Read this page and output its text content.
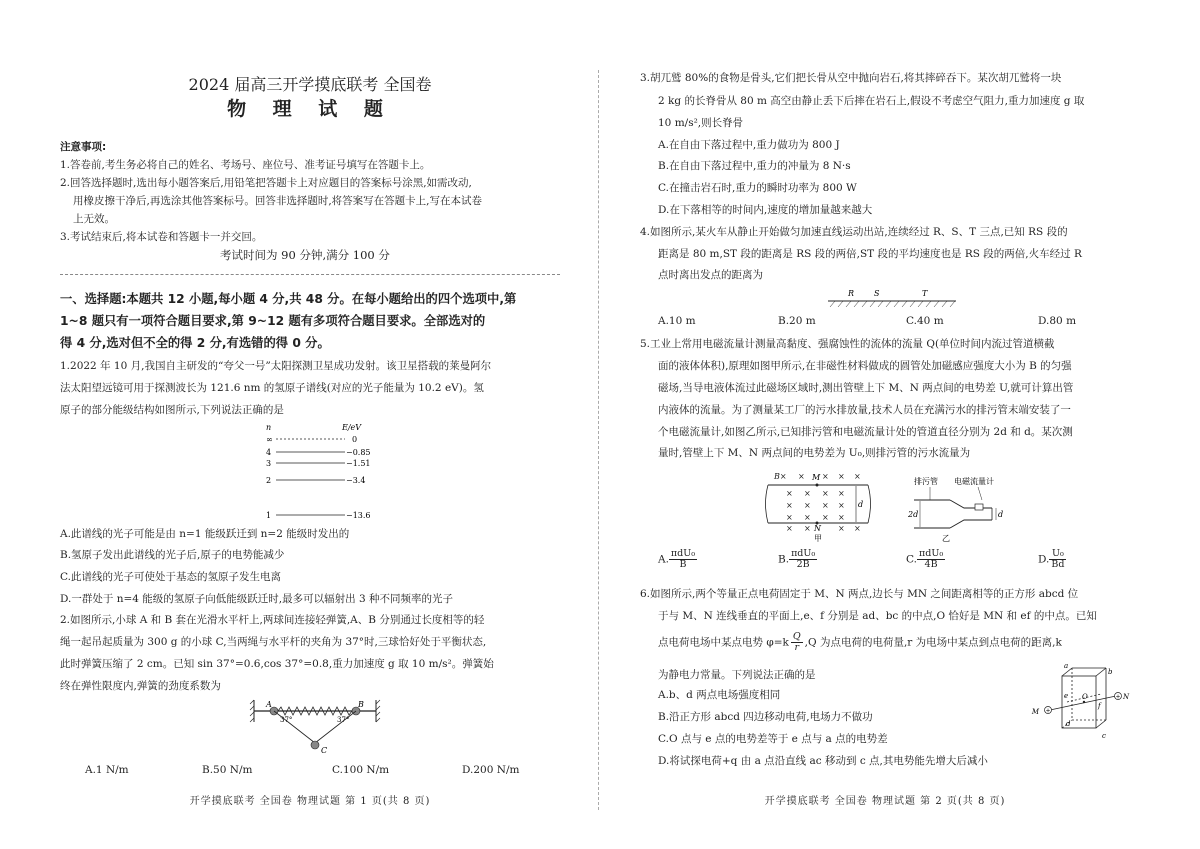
2024 届高三开学摸底联考 全国卷
物 理 试 题
注意事项:
1.答卷前,考生务必将自己的姓名、考场号、座位号、准考证号填写在答题卡上。
2.回答选择题时,选出每小题答案后,用铅笔把答题卡上对应题目的答案标号涂黑,如需改动,
用橡皮擦干净后,再选涂其他答案标号。回答非选择题时,将答案写在答题卡上,写在本试卷
上无效。
3.考试结束后,将本试卷和答题卡一并交回。
考试时间为 90 分钟,满分 100 分
一、选择题:本题共 12 小题,每小题 4 分,共 48 分。在每小题给出的四个选项中,第
1~8 题只有一项符合题目要求,第 9~12 题有多项符合题目要求。全部选对的
得 4 分,选对但不全的得 2 分,有选错的得 0 分。
1.2022 年 10 月,我国自主研发的“夸父一号”太阳探测卫星成功发射。该卫星搭载的莱曼阿尔
法太阳望远镜可用于探测波长为 121.6 nm 的氢原子谱线(对应的光子能量为 10.2 eV)。氢
原子的部分能级结构如图所示,下列说法正确的是
n	E/eV
∞	0
4	−0.85
3	−1.51
2	−3.4
1	−13.6
A.此谱线的光子可能是由 n=1 能级跃迁到 n=2 能级时发出的
B.氢原子发出此谱线的光子后,原子的电势能减少
C.此谱线的光子可使处于基态的氢原子发生电离
D.一群处于 n=4 能级的氢原子向低能级跃迁时,最多可以辐射出 3 种不同频率的光子
2.如图所示,小球 A 和 B 套在光滑水平杆上,两球间连接轻弹簧,A、B 分别通过长度相等的轻
绳一起吊起质量为 300 g 的小球 C,当两绳与水平杆的夹角为 37°时,三球恰好处于平衡状态,
此时弹簧压缩了 2 cm。已知 sin 37°=0.6,cos 37°=0.8,重力加速度 g 取 10 m/s²。弹簧始
终在弹性限度内,弹簧的劲度系数为
A	B
C
37°	37°
A.1 N/m	B.50 N/m	C.100 N/m	D.200 N/m
开学摸底联考 全国卷 物理试题 第 1 页(共 8 页)
3.胡兀鹫 80%的食物是骨头,它们把长骨从空中抛向岩石,将其摔碎吞下。某次胡兀鹫将一块
2 kg 的长脊骨从 80 m 高空由静止丢下后摔在岩石上,假设不考虑空气阻力,重力加速度 g 取
10 m/s²,则长脊骨
A.在自由下落过程中,重力做功为 800 J
B.在自由下落过程中,重力的冲量为 8 N·s
C.在撞击岩石时,重力的瞬时功率为 800 W
D.在下落相等的时间内,速度的增加量越来越大
4.如图所示,某火车从静止开始做匀加速直线运动出站,连续经过 R、S、T 三点,已知 RS 段的
距离是 80 m,ST 段的距离是 RS 段的两倍,ST 段的平均速度也是 RS 段的两倍,火车经过 R
点时离出发点的距离为
R S	T
A.10 m	B.20 m	C.40 m	D.80 m
5.工业上常用电磁流量计测量高黏度、强腐蚀性的流体的流量 Q(单位时间内流过管道横截
面的液体体积),原理如图甲所示,在非磁性材料做成的圆管处加磁感应强度大小为 B 的匀强
磁场,当导电液体流过此磁场区域时,测出管壁上下 M、N 两点间的电势差 U,就可计算出管
内液体的流量。为了测量某工厂的污水排放量,技术人员在充满污水的排污管末端安装了一
个电磁流量计,如图乙所示,已知排污管和电磁流量计处的管道直径分别为 2d 和 d。某次测
量时,管壁上下 M、N 两点间的电势差为 U₀,则排污管的污水流量为
B× × × × ×
× × × ×
× × × ×
× × × ×
× ×	× ×
M
N
d
甲
排污管 电磁流量计
2d	d
乙
A. $\frac{\text{πdU₀}}{B}$	B. $\frac{\text{πdU₀}}{2B}$	C. $\frac{\text{πdU₀}}{4B}$	D. $\frac{\text{U₀}}{Bd}$
6.如图所示,两个等量正点电荷固定于 M、N 两点,边长与 MN 之间距离相等的正方形 abcd 位
于与 M、N 连线垂直的平面上,e、f 分别是 ad、bc 的中点,O 恰好是 MN 和 ef 的中点。已知
点电荷电场中某点电势 $\varphi=k \frac{Q}{r} ,Q$ 为点电荷的电荷量,r 为电场中某点到点电荷的距离,k
为静电力常量。下列说法正确的是
A.b、d 两点电场强度相同
B.沿正方形 abcd 四边移动电荷,电场力不做功
C.O 点与 e 点的电势差等于 e 点与 a 点的电势差
D.将试探电荷+q 由 a 点沿直线 ac 移动到 c 点,其电势能先增大后减小
+
+
a
b
c
d
e
f
O
M
N
开学摸底联考 全国卷 物理试题 第 2 页(共 8 页)
